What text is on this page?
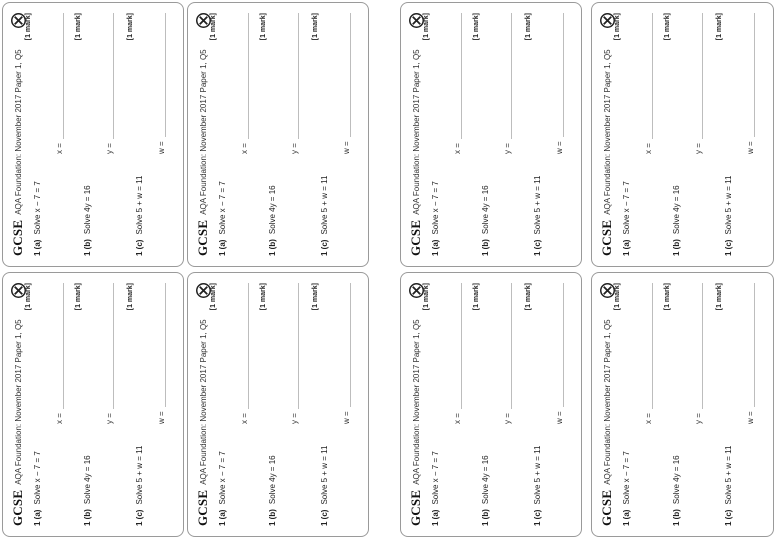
GCSE
AQA Foundation: November 2017 Paper 1, Q5
1 (a)Solve x − 7 = 7
[1 mark]
x =
1 (b)Solve 4y = 16
[1 mark]
y =
1 (c)Solve 5 + w = 11
[1 mark]
w =
GCSE
AQA Foundation: November 2017 Paper 1, Q5
1 (a)Solve x − 7 = 7
[1 mark]
x =
1 (b)Solve 4y = 16
[1 mark]
y =
1 (c)Solve 5 + w = 11
[1 mark]
w =
GCSE
AQA Foundation: November 2017 Paper 1, Q5
1 (a)Solve x − 7 = 7
[1 mark]
x =
1 (b)Solve 4y = 16
[1 mark]
y =
1 (c)Solve 5 + w = 11
[1 mark]
w =
GCSE
AQA Foundation: November 2017 Paper 1, Q5
1 (a)Solve x − 7 = 7
[1 mark]
x =
1 (b)Solve 4y = 16
[1 mark]
y =
1 (c)Solve 5 + w = 11
[1 mark]
w =
GCSE
AQA Foundation: November 2017 Paper 1, Q5
1 (a)Solve x − 7 = 7
[1 mark]
x =
1 (b)Solve 4y = 16
[1 mark]
y =
1 (c)Solve 5 + w = 11
[1 mark]
w =
GCSE
AQA Foundation: November 2017 Paper 1, Q5
1 (a)Solve x − 7 = 7
[1 mark]
x =
1 (b)Solve 4y = 16
[1 mark]
y =
1 (c)Solve 5 + w = 11
[1 mark]
w =
GCSE
AQA Foundation: November 2017 Paper 1, Q5
1 (a)Solve x − 7 = 7
[1 mark]
x =
1 (b)Solve 4y = 16
[1 mark]
y =
1 (c)Solve 5 + w = 11
[1 mark]
w =
GCSE
AQA Foundation: November 2017 Paper 1, Q5
1 (a)Solve x − 7 = 7
[1 mark]
x =
1 (b)Solve 4y = 16
[1 mark]
y =
1 (c)Solve 5 + w = 11
[1 mark]
w =
